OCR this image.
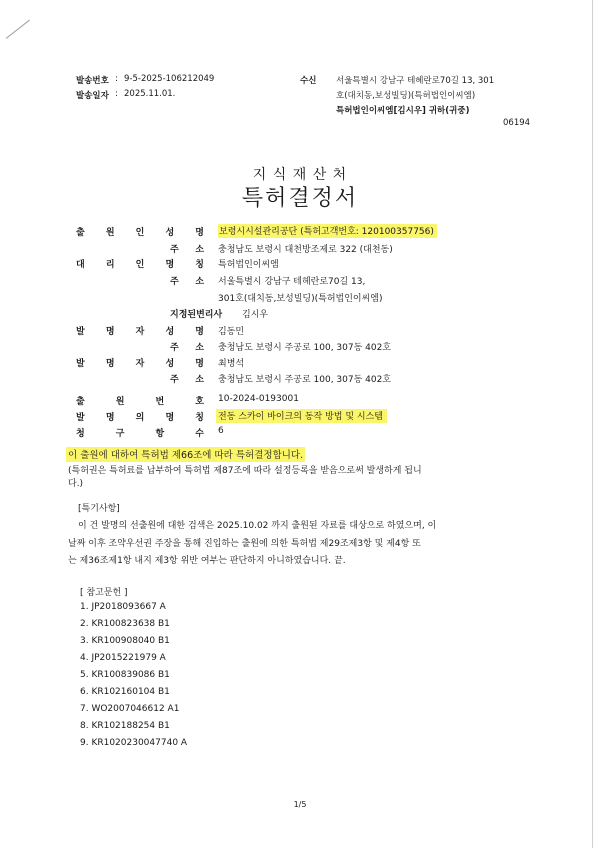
발송번호 : 9-5-2025-106212049
발송일자 : 2025.11.01.
수신 서울특별시 강남구 테헤란로70길 13, 301
호(대치동,보성빌딩)(특허법인이씨엠)
특허법인이씨엠[김시우] 귀하(귀중)
06194
지 식 재 산 처
특허결정서
출 원 인 성 명 보령시시설관리공단 (특허고객번호: 120100357756)
주 소 충청남도 보령시 대천방조제로 322 (대천동)
대 리 인 명 칭 특허법인이씨엠
주 소 서울특별시 강남구 테헤란로70길 13,
301호(대치동,보성빌딩)(특허법인이씨엠)
지정된변리사 김시우
발 명 자 성 명 김동민
주 소 충청남도 보령시 주공로 100, 307동 402호
발 명 자 성 명 최병석
주 소 충청남도 보령시 주공로 100, 307동 402호
출	원	번	호 10-2024-0193001
발 명 의 명 칭 전동 스카이 바이크의 동작 방법 및 시스템
청	구	항	수 6
이 출원에 대하여 특허법 제66조에 따라 특허결정합니다.
(특허권은 특허료를 납부하여 특허법 제87조에 따라 설정등록을 받음으로써 발생하게 됩니
다.)
[특기사항]
이 건 발명의 선출원에 대한 검색은 2025.10.02 까지 출원된 자료를 대상으로 하였으며, 이
날짜 이후 조약우선권 주장을 통해 진입하는 출원에 의한 특허법 제29조제3항 및 제4항 또
는 제36조제1항 내지 제3항 위반 여부는 판단하지 아니하였습니다. 끝.
[ 참고문헌 ]
1. JP2018093667 A
2. KR100823638 B1
3. KR100908040 B1
4. JP2015221979 A
5. KR100839086 B1
6. KR102160104 B1
7. WO2007046612 A1
8. KR102188254 B1
9. KR1020230047740 A
1/5
